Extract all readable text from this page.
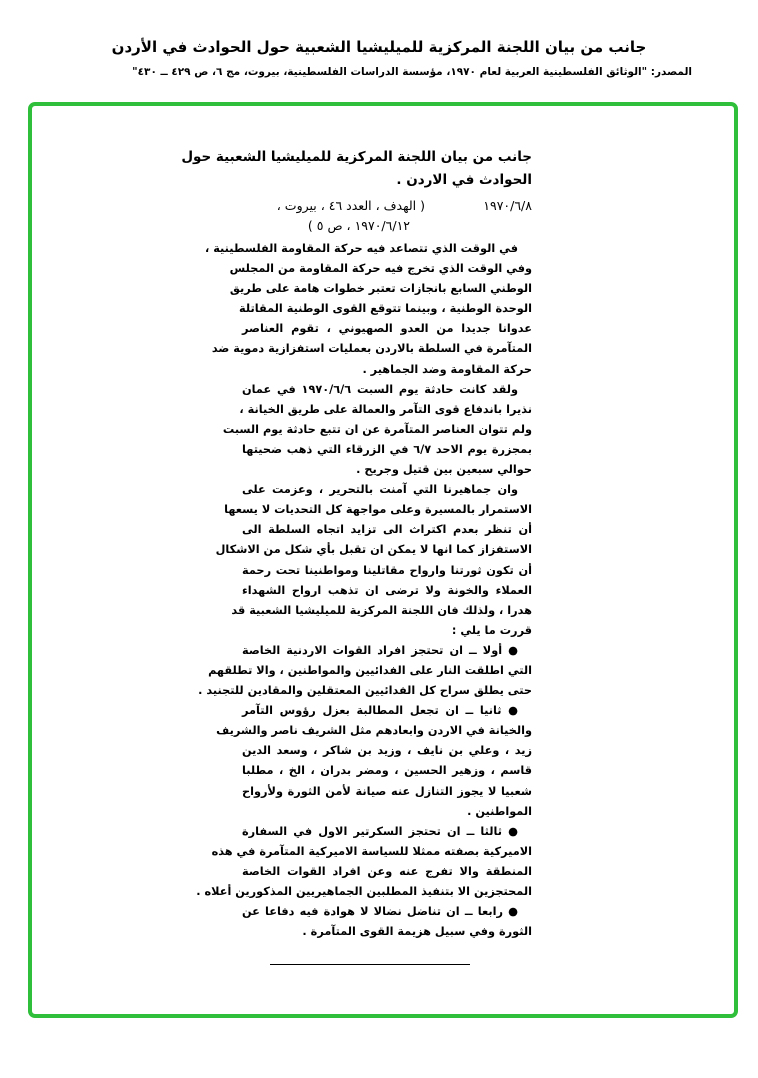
جانب من بيان اللجنة المركزية للميليشيا الشعبية حول الحوادث في الأردن
المصدر: "الوثائق الفلسطينية العربية لعام ١٩٧٠، مؤسسة الدراسات الفلسطينية، بيروت، مج ٦، ص ٤٢٩ ــ ٤٣٠"
جانب من بيان اللجنة المركزية للميليشيا الشعبية حول
الحوادث في الاردن .
١٩٧٠/٦/٨
( الهدف ، العدد ٤٦ ، بيروت ،
١٩٧٠/٦/١٢ ، ص ٥ )
في الوقت الذي تتصاعد فيه حركة المقاومة الفلسطينية ،
وفي الوقت الذي تخرج فيه حركة المقاومة من المجلس
الوطني السابع بانجازات تعتبر خطوات هامة على طريق
الوحدة الوطنية ، وبينما تتوقع القوى الوطنية المقاتلة
عدوانا جديدا من العدو الصهيوني ، تقوم العناصر
المتآمرة في السلطة بالاردن بعمليات استفزازية دموية ضد
حركة المقاومة وضد الجماهير .
ولقد كانت حادثة يوم السبت ١٩٧٠/٦/٦ في عمان
نذيرا باندفاع قوى التآمر والعمالة على طريق الخيانة ،
ولم تتوان العناصر المتآمرة عن ان تتبع حادثة يوم السبت
بمجزرة يوم الاحد ٦/٧ في الزرقاء التي ذهب ضحيتها
حوالي سبعين بين قتيل وجريح .
وان جماهيرنا التي آمنت بالتحرير ، وعزمت على
الاستمرار بالمسيرة وعلى مواجهة كل التحديات لا يسعها
أن تنظر بعدم اكتراث الى تزايد اتجاه السلطة الى
الاستفزاز كما انها لا يمكن ان تقبل بأي شكل من الاشكال
أن تكون ثورتنا وارواح مقاتلينا ومواطنينا تحت رحمة
العملاء والخونة ولا ترضى ان تذهب ارواح الشهداء
هدرا ، ولذلك فان اللجنة المركزية للميليشيا الشعبية قد
قررت ما يلي :
● أولا ــ ان تحتجز افراد القوات الاردنية الخاصة
التي اطلقت النار على الفدائيين والمواطنين ، والا تطلقهم
حتى يطلق سراح كل الفدائيين المعتقلين والمقادين للتجنيد .
● ثانيا ــ ان تجعل المطالبة بعزل رؤوس التآمر
والخيانة في الاردن وابعادهم مثل الشريف ناصر والشريف
زيد ، وعلي بن نايف ، وزيد بن شاكر ، وسعد الدين
قاسم ، وزهير الحسين ، ومضر بدران ، الخ ، مطلبا
شعبيا لا يجوز التنازل عنه صيانة لأمن الثورة ولأرواح
المواطنين .
● ثالثا ــ ان تحتجز السكرتير الاول في السفارة
الاميركية بصفته ممثلا للسياسة الاميركية المتآمرة في هذه
المنطقة والا تفرج عنه وعن افراد القوات الخاصة
المحتجزين الا بتنفيذ المطلبين الجماهيريين المذكورين أعلاه .
● رابعا ــ ان تناضل نضالا لا هوادة فيه دفاعا عن
الثورة وفي سبيل هزيمة القوى المتآمرة .
